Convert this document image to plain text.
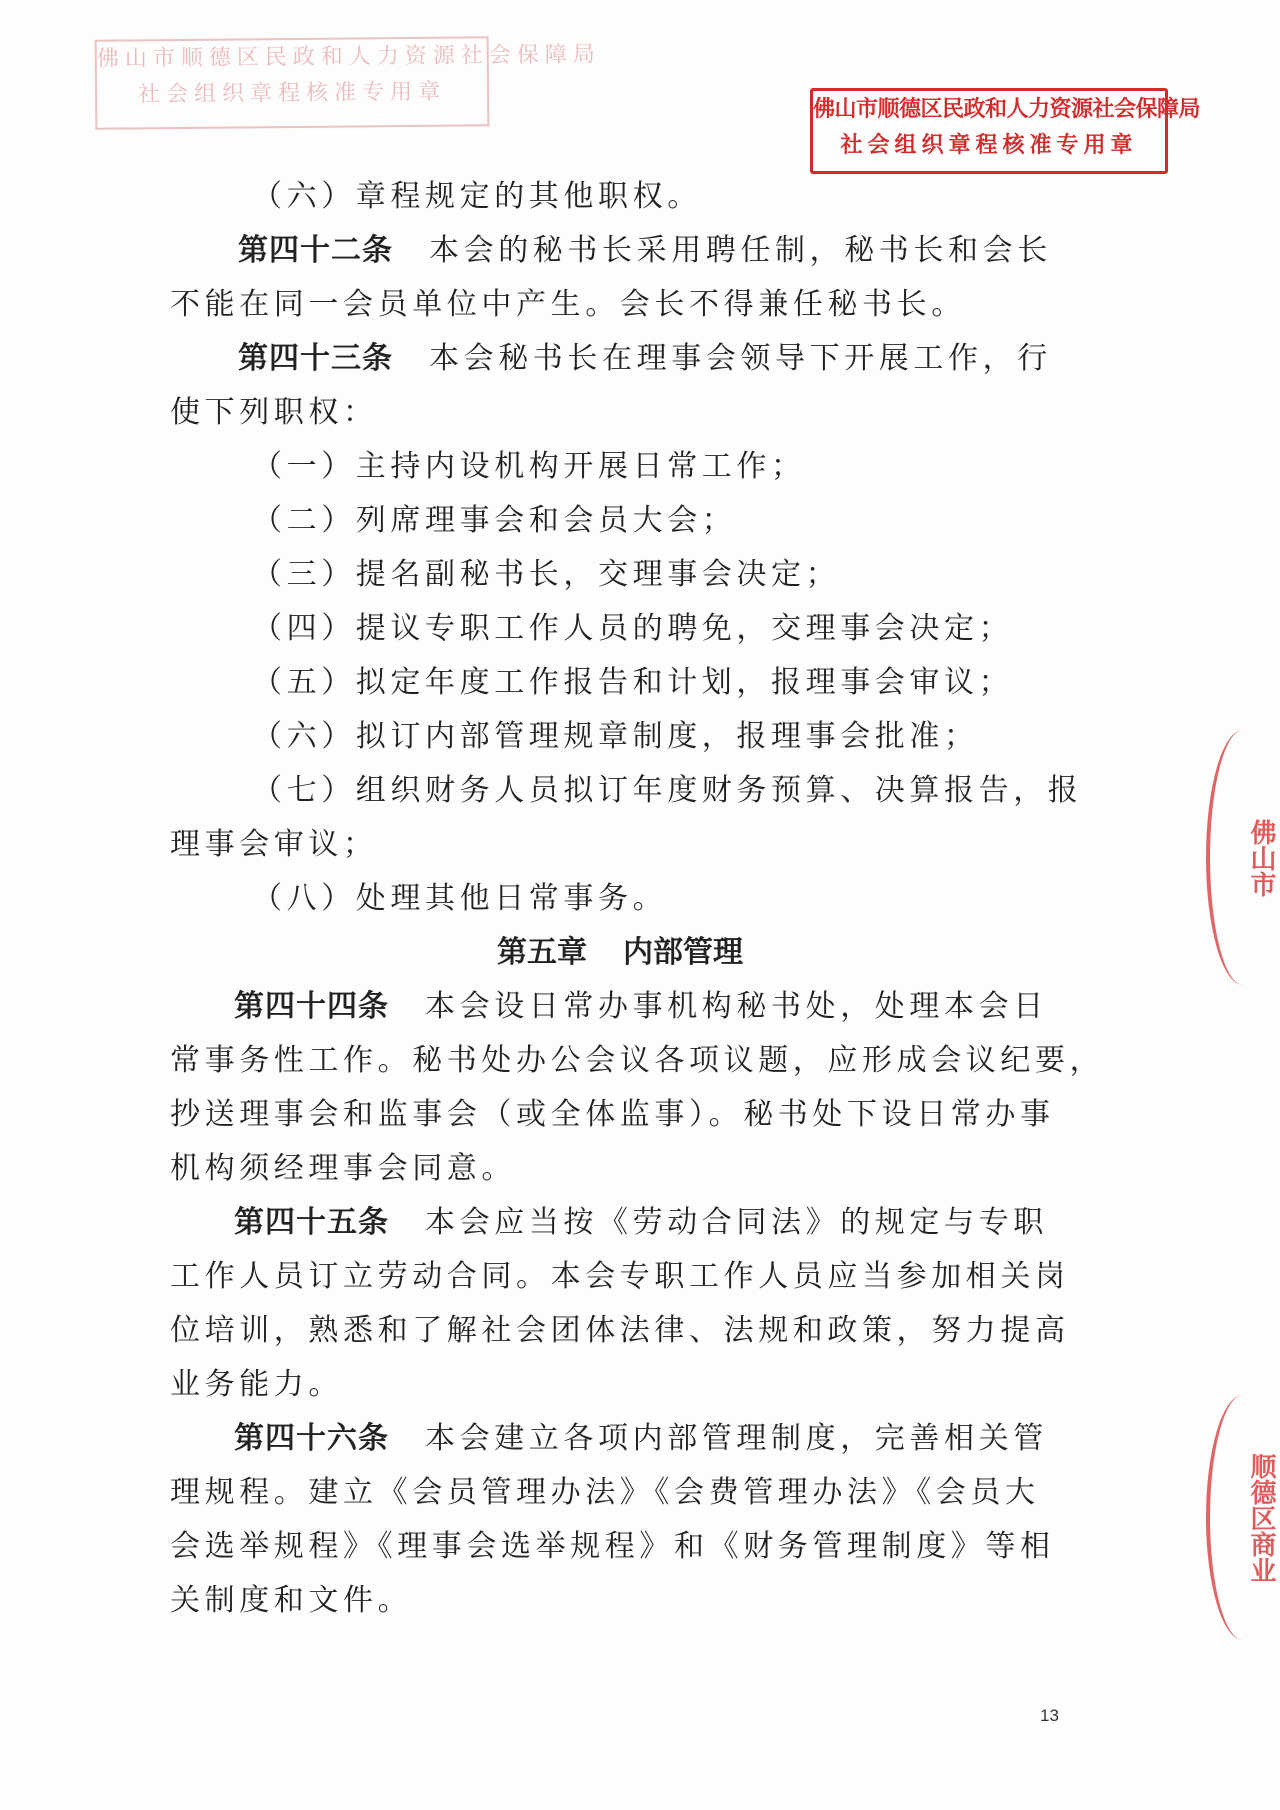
佛山市顺德区民政和人力资源社会保障局
社会组织章程核准专用章
佛山市顺德区民政和人力资源社会保障局
社会组织章程核准专用章
佛山市
顺德区商业
（六）章程规定的其他职权。
第四十二条 本会的秘书长采用聘任制，秘书长和会长
不能在同一会员单位中产生。会长不得兼任秘书长。
第四十三条 本会秘书长在理事会领导下开展工作，行
使下列职权：
（一）主持内设机构开展日常工作；
（二）列席理事会和会员大会；
（三）提名副秘书长，交理事会决定；
（四）提议专职工作人员的聘免，交理事会决定；
（五）拟定年度工作报告和计划，报理事会审议；
（六）拟订内部管理规章制度，报理事会批准；
（七）组织财务人员拟订年度财务预算、决算报告，报
理事会审议；
（八）处理其他日常事务。
第五章 内部管理
第四十四条 本会设日常办事机构秘书处，处理本会日
常事务性工作。秘书处办公会议各项议题，应形成会议纪要，
抄送理事会和监事会（或全体监事）。秘书处下设日常办事
机构须经理事会同意。
第四十五条 本会应当按《劳动合同法》的规定与专职
工作人员订立劳动合同。本会专职工作人员应当参加相关岗
位培训，熟悉和了解社会团体法律、法规和政策，努力提高
业务能力。
第四十六条 本会建立各项内部管理制度，完善相关管
理规程。建立《会员管理办法》《会费管理办法》《会员大
会选举规程》《理事会选举规程》和《财务管理制度》等相
关制度和文件。
13
